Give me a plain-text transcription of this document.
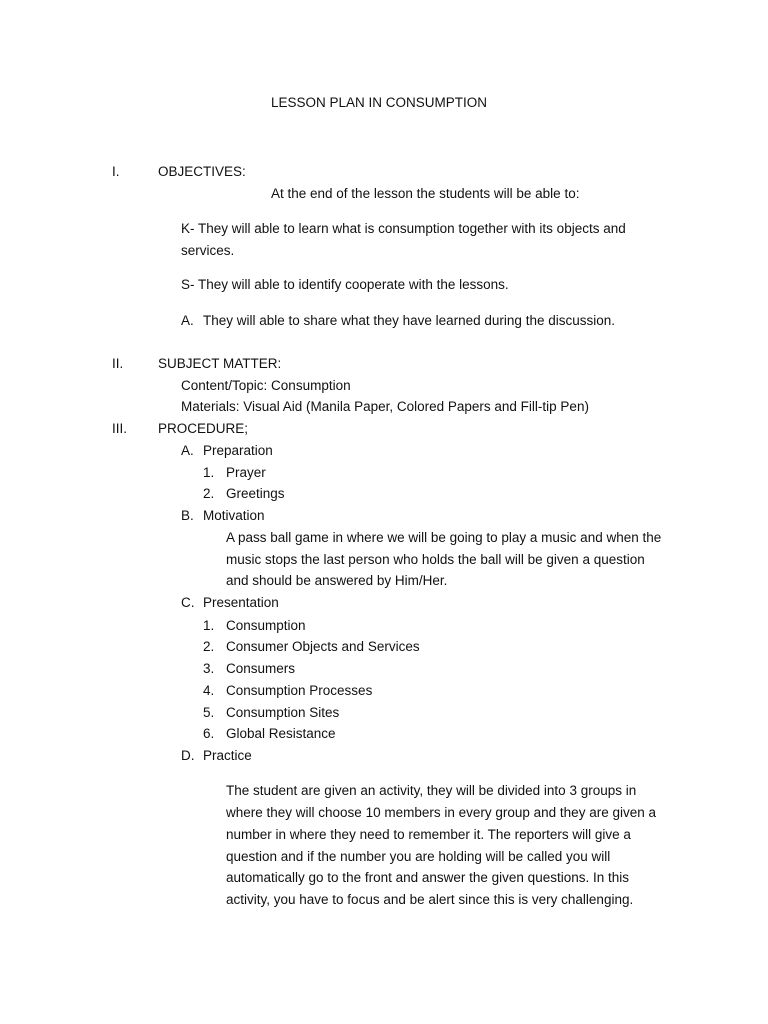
LESSON PLAN IN CONSUMPTION
I.	OBJECTIVES:
At the end of the lesson the students will be able to:
K- They will able to learn what is consumption together with its objects and
services.
S- They will able to identify cooperate with the lessons.
A. They will able to share what they have learned during the discussion.
II.	SUBJECT MATTER:
Content/Topic: Consumption
Materials: Visual Aid (Manila Paper, Colored Papers and Fill-tip Pen)
III. PROCEDURE;
A. Preparation
1. Prayer
2. Greetings
B. Motivation
A pass ball game in where we will be going to play a music and when the
music stops the last person who holds the ball will be given a question
and should be answered by Him/Her.
C. Presentation
1. Consumption
2. Consumer Objects and Services
3. Consumers
4. Consumption Processes
5. Consumption Sites
6. Global Resistance
D. Practice
The student are given an activity, they will be divided into 3 groups in
where they will choose 10 members in every group and they are given a
number in where they need to remember it. The reporters will give a
question and if the number you are holding will be called you will
automatically go to the front and answer the given questions. In this
activity, you have to focus and be alert since this is very challenging.
